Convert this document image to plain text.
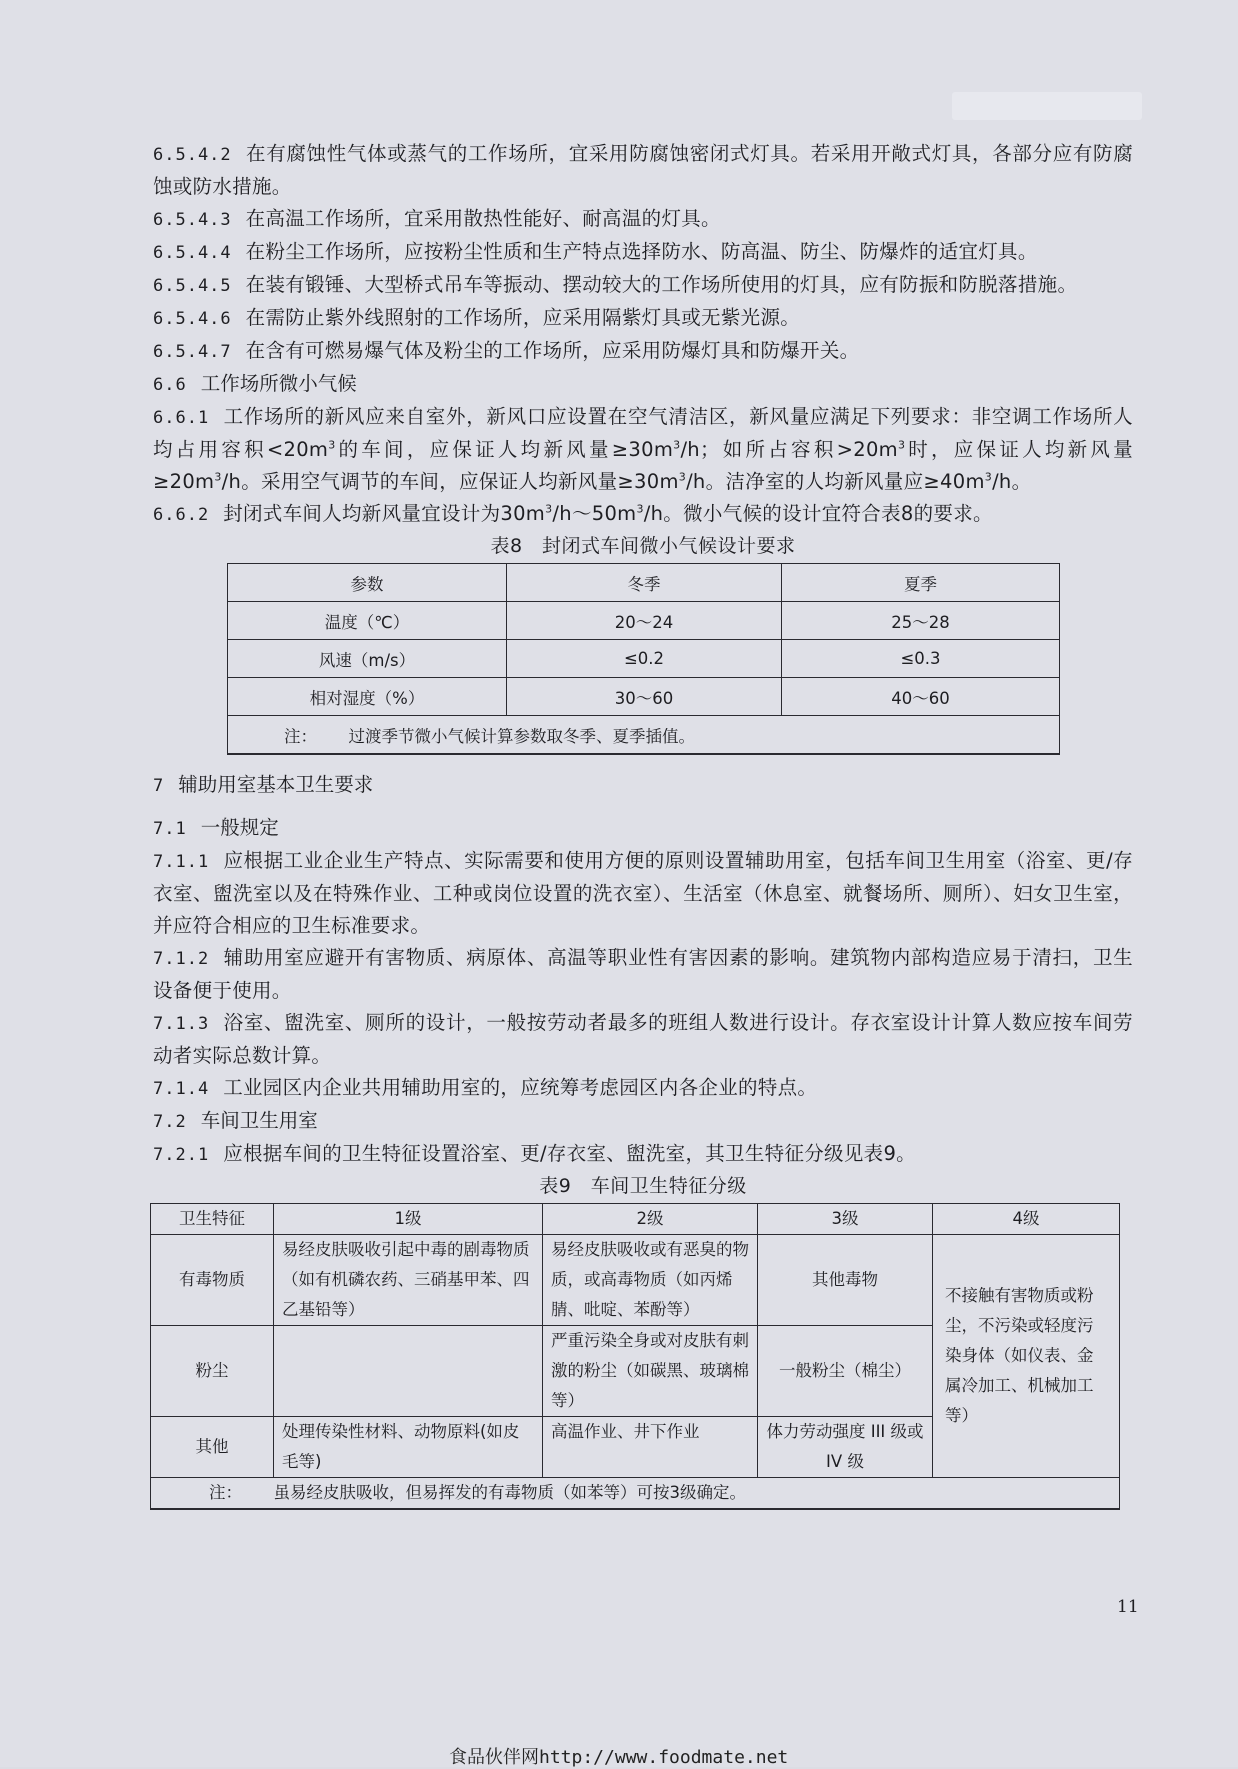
6.5.4.2 在有腐蚀性气体或蒸气的工作场所，宜采用防腐蚀密闭式灯具。若采用开敞式灯具，各部分应有防腐蚀或防水措施。

6.5.4.3 在高温工作场所，宜采用散热性能好、耐高温的灯具。

6.5.4.4 在粉尘工作场所，应按粉尘性质和生产特点选择防水、防高温、防尘、防爆炸的适宜灯具。

6.5.4.5 在装有锻锤、大型桥式吊车等振动、摆动较大的工作场所使用的灯具，应有防振和防脱落措施。

6.5.4.6 在需防止紫外线照射的工作场所，应采用隔紫灯具或无紫光源。

6.5.4.7 在含有可燃易爆气体及粉尘的工作场所，应采用防爆灯具和防爆开关。

6.6 工作场所微小气候

6.6.1 工作场所的新风应来自室外，新风口应设置在空气清洁区，新风量应满足下列要求：非空调工作场所人均占用容积$<20m^3$的车间，应保证人均新风量$\ge 30m^3/h$；如所占容积$>20m^3$时，应保证人均新风量$\ge 20m^3/h$。采用空气调节的车间，应保证人均新风量$\ge 30m^3/h$。洁净室的人均新风量应$\ge 40m^3/h$。

6.6.2 封闭式车间人均新风量宜设计为$30m^3/h\sim 50m^3/h$。微小气候的设计宜符合表8的要求。

表8　封闭式车间微小气候设计要求

参数	冬季	夏季
温度（℃）	20～24	25～28
风速（m/s）	≤0.2	≤0.3
相对湿度（%）	30～60	40～60
注： 过渡季节微小气候计算参数取冬季、夏季插值。		

7 辅助用室基本卫生要求

7.1 一般规定

7.1.1 应根据工业企业生产特点、实际需要和使用方便的原则设置辅助用室，包括车间卫生用室（浴室、更/存衣室、盥洗室以及在特殊作业、工种或岗位设置的洗衣室）、生活室（休息室、就餐场所、厕所）、妇女卫生室，并应符合相应的卫生标准要求。

7.1.2 辅助用室应避开有害物质、病原体、高温等职业性有害因素的影响。建筑物内部构造应易于清扫，卫生设备便于使用。

7.1.3 浴室、盥洗室、厕所的设计，一般按劳动者最多的班组人数进行设计。存衣室设计计算人数应按车间劳动者实际总数计算。

7.1.4 工业园区内企业共用辅助用室的，应统筹考虑园区内各企业的特点。

7.2 车间卫生用室

7.2.1 应根据车间的卫生特征设置浴室、更/存衣室、盥洗室，其卫生特征分级见表9。

表9　车间卫生特征分级

卫生特征	1级	2级	3级	4级
有毒物质	易经皮肤吸收引起中毒的剧毒物质（如有机磷农药、三硝基甲苯、四乙基铅等）	易经皮肤吸收或有恶臭的物质，或高毒物质（如丙烯腈、吡啶、苯酚等）	其他毒物	不接触有害物质或粉尘，不污染或轻度污染身体（如仪表、金属冷加工、机械加工等）
粉尘		严重污染全身或对皮肤有刺激的粉尘（如碳黑、玻璃棉等）	一般粉尘（棉尘）	
其他	处理传染性材料、动物原料(如皮毛等)	高温作业、井下作业	体力劳动强度 III 级或 IV 级	
注： 虽易经皮肤吸收，但易挥发的有毒物质（如苯等）可按3级确定。				
11
食品伙伴网http://www.foodmate.net
